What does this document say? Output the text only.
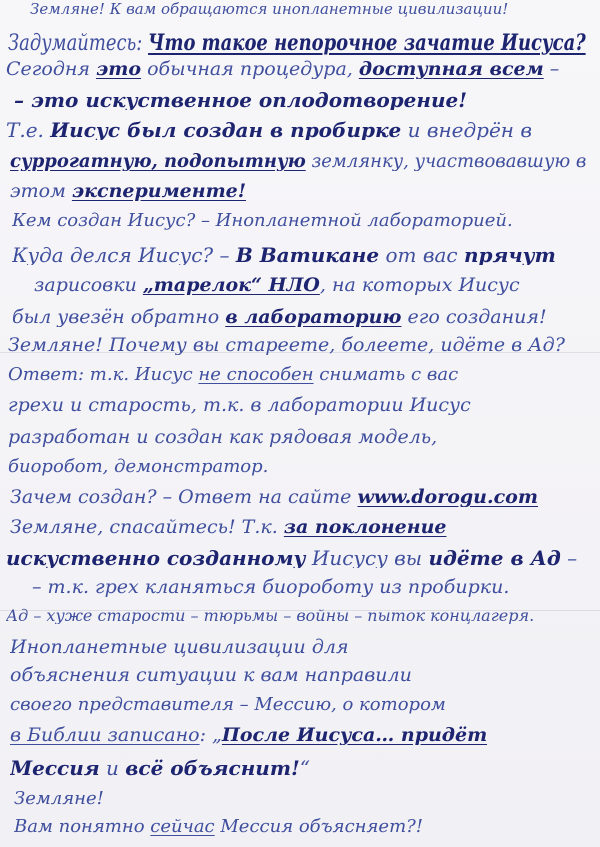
Земляне! К вам обращаются инопланетные цивилизации!
Задумайтесь: Что такое непорочное зачатие Иисуса?
Сегодня это обычная процедура, доступная всем –
– это искуственное оплодотворение!
Т.е. Иисус был создан в пробирке и внедрён в
суррогатную, подопытную землянку, участвовавшую в
этом эксперименте!
Кем создан Иисус? – Инопланетной лабораторией.
Куда делся Иисус? – В Ватикане от вас прячут
зарисовки „тарелок“ НЛО, на которых Иисус
был увезён обратно в лабораторию его создания!
Земляне! Почему вы стареете, болеете, идёте в Ад?
Ответ: т.к. Иисус не способен снимать с вас
грехи и старость, т.к. в лаборатории Иисус
разработан и создан как рядовая модель,
биоробот, демонстратор.
Зачем создан? – Ответ на сайте www.dorogu.com
Земляне, спасайтесь! Т.к. за поклонение
искуственно созданному Иисусу вы идёте в Ад –
– т.к. грех кланяться биороботу из пробирки.
Ад – хуже старости – тюрьмы – войны – пыток концлагеря.
Инопланетные цивилизации для
объяснения ситуации к вам направили
своего представителя – Мессию, о котором
в Библии записано: „После Иисуса… придёт
Мессия и всё объяснит!“
Земляне!
Вам понятно сейчас Мессия объясняет?!
